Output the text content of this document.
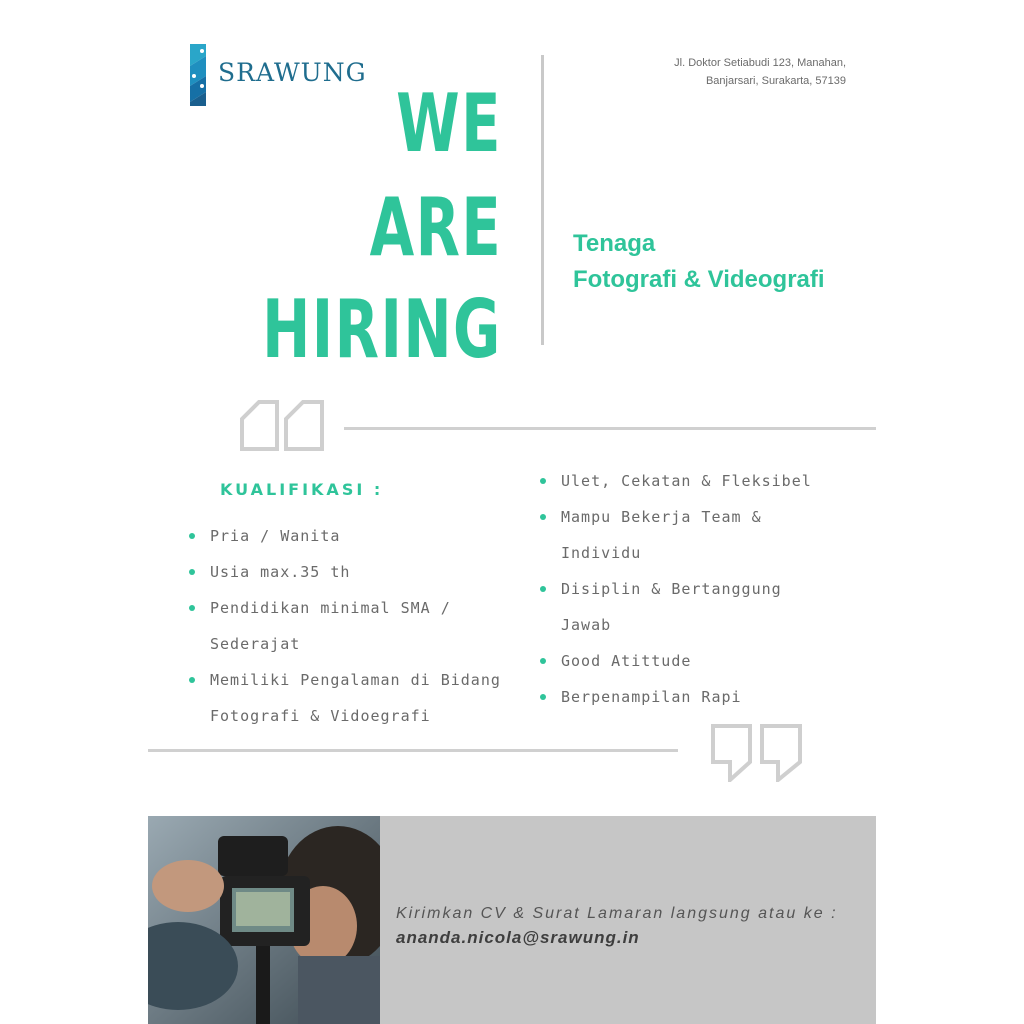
SRAWUNG	Jl. Doktor Setiabudi 123, Manahan,
Banjarsari, Surakarta, 57139
WE
ARE
HIRING
Tenaga
Fotografi & Videografi
KUALIFIKASI :
Pria / Wanita
Usia max.35 th
Pendidikan minimal SMA / Sederajat
Memiliki Pengalaman di Bidang Fotografi & Vidoegrafi
Ulet, Cekatan & Fleksibel
Mampu Bekerja Team & Individu
Disiplin & Bertanggung Jawab
Good Atittude
Berpenampilan Rapi
Kirimkan CV & Surat Lamaran langsung atau ke : ananda.nicola@srawung.in
